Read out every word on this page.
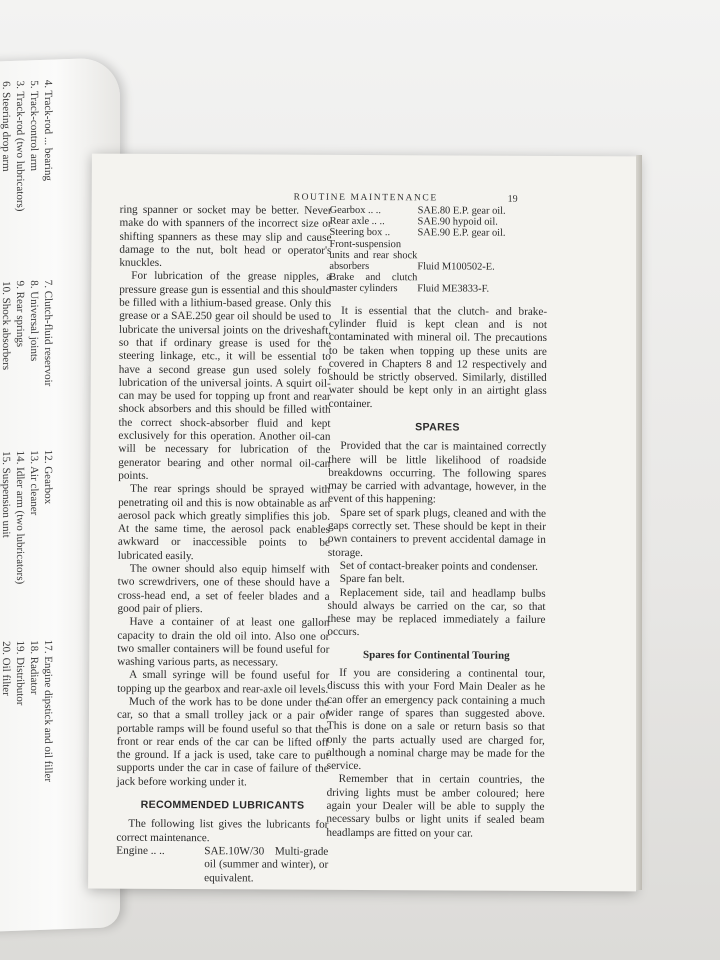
4. Track-rod ... bearing
5. Track-control arm
3. Track-rod (two lubricators)
6. Steering drop arm
7. Clutch-fluid reservoir
8. Universal joints
9. Rear springs
10. Shock absorbers
12. Gearbox
13. Air cleaner
14. Idler arm (two lubricators)
15. Suspension unit
17. Engine dipstick and oil filler
18. Radiator
19. Distributor
20. Oil filter
ROUTINE MAINTENANCE	19

ring spanner or socket may be better. Never make do with spanners of the incorrect size or shifting spanners as these may slip and cause damage to the nut, bolt head or operator's knuckles.

For lubrication of the grease nipples, a pressure grease gun is essential and this should be filled with a lithium-based grease. Only this grease or a SAE.250 gear oil should be used to lubricate the universal joints on the driveshaft, so that if ordinary grease is used for the steering linkage, etc., it will be essential to have a second grease gun used solely for lubrication of the universal joints. A squirt oil-can may be used for topping up front and rear shock absorbers and this should be filled with the correct shock-absorber fluid and kept exclusively for this operation. Another oil-can will be necessary for lubrication of the generator bearing and other normal oil-can points.

The rear springs should be sprayed with penetrating oil and this is now obtainable as an aerosol pack which greatly simplifies this job. At the same time, the aerosol pack enables awkward or inaccessible points to be lubricated easily.

The owner should also equip himself with two screwdrivers, one of these should have a cross-head end, a set of feeler blades and a good pair of pliers.

Have a container of at least one gallon capacity to drain the old oil into. Also one or two smaller containers will be found useful for washing various parts, as necessary.

A small syringe will be found useful for topping up the gearbox and rear-axle oil levels.

Much of the work has to be done under the car, so that a small trolley jack or a pair of portable ramps will be found useful so that the front or rear ends of the car can be lifted off the ground. If a jack is used, take care to put supports under the car in case of failure of the jack before working under it.

RECOMMENDED LUBRICANTS

The following list gives the lubricants for correct maintenance.

Engine .. ..	SAE.10W/30 Multi-grade oil (summer and winter), or equivalent.
Gearbox .. ..	SAE.80 E.P. gear oil.
Rear axle .. ..	SAE.90 hypoid oil.
Steering box ..	SAE.90 E.P. gear oil.
Front-suspension units and rear shock absorbers	Fluid M100502-E.
Brake and clutch master cylinders	Fluid ME3833-F.

It is essential that the clutch- and brake-cylinder fluid is kept clean and is not contaminated with mineral oil. The precautions to be taken when topping up these units are covered in Chapters 8 and 12 respectively and should be strictly observed. Similarly, distilled water should be kept only in an airtight glass container.

SPARES

Provided that the car is maintained correctly there will be little likelihood of roadside breakdowns occurring. The following spares may be carried with advantage, however, in the event of this happening:

Spare set of spark plugs, cleaned and with the gaps correctly set. These should be kept in their own containers to prevent accidental damage in storage.

Set of contact-breaker points and condenser.

Spare fan belt.

Replacement side, tail and headlamp bulbs should always be carried on the car, so that these may be replaced immediately a failure occurs.

Spares for Continental Touring

If you are considering a continental tour, discuss this with your Ford Main Dealer as he can offer an emergency pack containing a much wider range of spares than suggested above. This is done on a sale or return basis so that only the parts actually used are charged for, although a nominal charge may be made for the service.

Remember that in certain countries, the driving lights must be amber coloured; here again your Dealer will be able to supply the necessary bulbs or light units if sealed beam headlamps are fitted on your car.
